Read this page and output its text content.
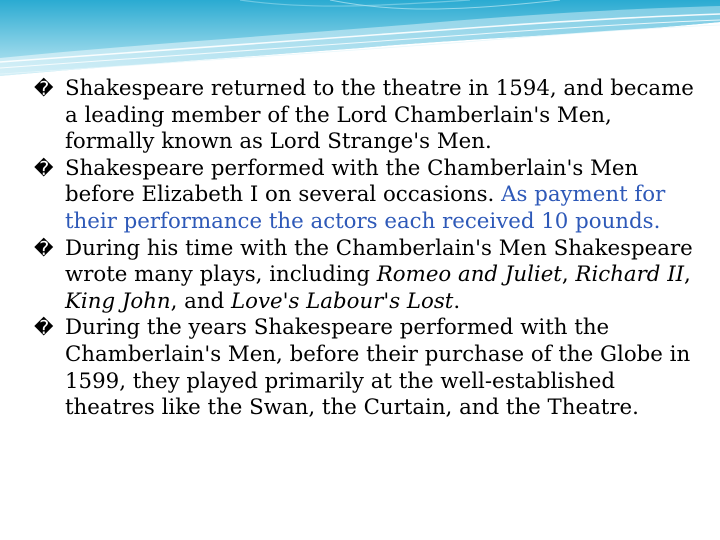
� Shakespeare returned to the theatre in 1594, and became a leading member of the Lord Chamberlain's Men, formally known as Lord Strange's Men.

� Shakespeare performed with the Chamberlain's Men before Elizabeth I on several occasions. As payment for their performance the actors each received 10 pounds.

� During his time with the Chamberlain's Men Shakespeare wrote many plays, including Romeo and Juliet, Richard II, King John, and Love's Labour's Lost.

� During the years Shakespeare performed with the Chamberlain's Men, before their purchase of the Globe in 1599, they played primarily at the well-established theatres like the Swan, the Curtain, and the Theatre.
